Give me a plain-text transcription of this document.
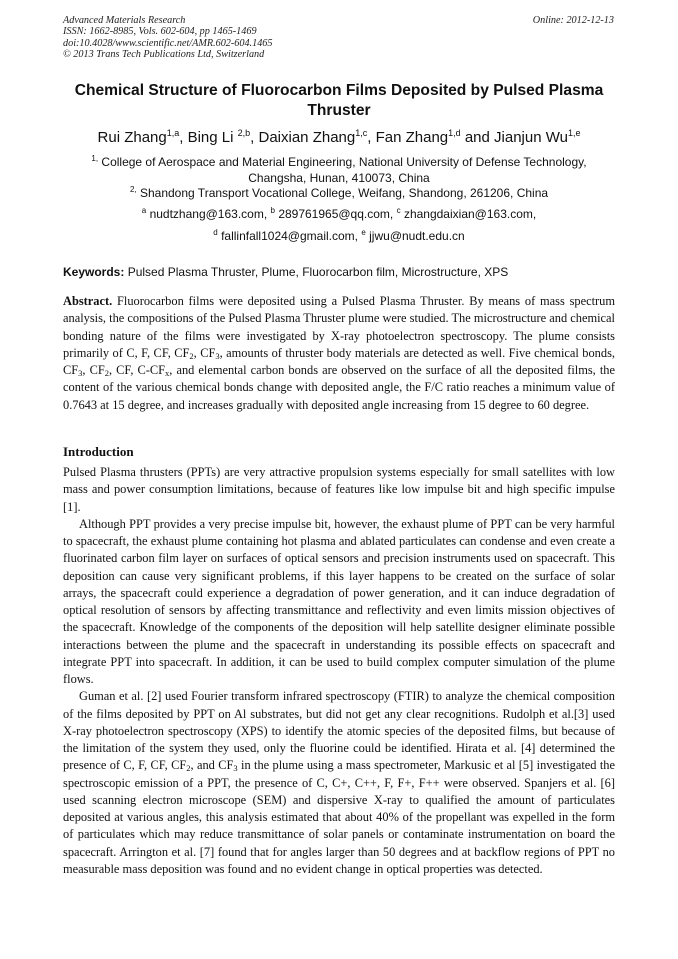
Advanced Materials Research
ISSN: 1662-8985, Vols. 602-604, pp 1465-1469
doi:10.4028/www.scientific.net/AMR.602-604.1465
© 2013 Trans Tech Publications Ltd, Switzerland
Online: 2012-12-13
Chemical Structure of Fluorocarbon Films Deposited by Pulsed Plasma
Thruster
Rui Zhang$^{1,a}$, Bing Li $^{2,b}$, Daixian Zhang$^{1,c}$, Fan Zhang$^{1,d}$ and Jianjun Wu$^{1,e}$
$^{1,}$ College of Aerospace and Material Engineering, National University of Defense Technology,
Changsha, Hunan, 410073, China
$^{2,}$ Shandong Transport Vocational College, Weifang, Shandong, 261206, China
$^a$ nudtzhang@163.com, $^b$ 289761965@qq.com, $^c$ zhangdaixian@163.com,
$^d$ fallinfall1024@gmail.com, $^e$ jjwu@nudt.edu.cn
Keywords: Pulsed Plasma Thruster, Plume, Fluorocarbon film, Microstructure, XPS

Abstract. Fluorocarbon films were deposited using a Pulsed Plasma Thruster. By means of mass spectrum analysis, the compositions of the Pulsed Plasma Thruster plume were studied. The microstructure and chemical bonding nature of the films were investigated by X-ray photoelectron spectroscopy. The plume consists primarily of C, F, CF, $CF_2$, $CF_3$, amounts of thruster body materials are detected as well. Five chemical bonds, $CF_3$, $CF_2$, CF, $C-CF_x$, and elemental carbon bonds are observed on the surface of all the deposited films, the content of the various chemical bonds change with deposited angle, the F/C ratio reaches a minimum value of 0.7643 at 15 degree, and increases gradually with deposited angle increasing from 15 degree to 60 degree.

Introduction

Pulsed Plasma thrusters (PPTs) are very attractive propulsion systems especially for small satellites with low mass and power consumption limitations, because of features like low impulse bit and high specific impulse [1].

Although PPT provides a very precise impulse bit, however, the exhaust plume of PPT can be very harmful to spacecraft, the exhaust plume containing hot plasma and ablated particulates can condense and even create a fluorinated carbon film layer on surfaces of optical sensors and precision instruments used on spacecraft. This deposition can cause very significant problems, if this layer happens to be created on the surface of solar arrays, the spacecraft could experience a degradation of power generation, and it can induce degradation of optical resolution of sensors by affecting transmittance and reflectivity and even limits mission objectives of the spacecraft. Knowledge of the components of the deposition will help satellite designer eliminate possible interactions between the plume and the spacecraft in understanding its possible effects on spacecraft and integrate PPT into spacecraft. In addition, it can be used to build complex computer simulation of the plume flows.

Guman et al. [2] used Fourier transform infrared spectroscopy (FTIR) to analyze the chemical composition of the films deposited by PPT on Al substrates, but did not get any clear recognitions. Rudolph et al.[3] used X-ray photoelectron spectroscopy (XPS) to identify the atomic species of the deposited films, but because of the limitation of the system they used, only the fluorine could be identified. Hirata et al. [4] determined the presence of C, F, CF, $CF_2$, and $CF_3$ in the plume using a mass spectrometer, Markusic et al [5] investigated the spectroscopic emission of a PPT, the presence of C, C+, C++, F, F+, F++ were observed. Spanjers et al. [6] used scanning electron microscope (SEM) and dispersive X-ray to qualified the amount of particulates deposited at various angles, this analysis estimated that about 40% of the propellant was expelled in the form of particulates which may reduce transmittance of solar panels or contaminate instrumentation on board the spacecraft. Arrington et al. [7] found that for angles larger than 50 degrees and at backflow regions of PPT no measurable mass deposition was found and no evident change in optical properties was detected.
